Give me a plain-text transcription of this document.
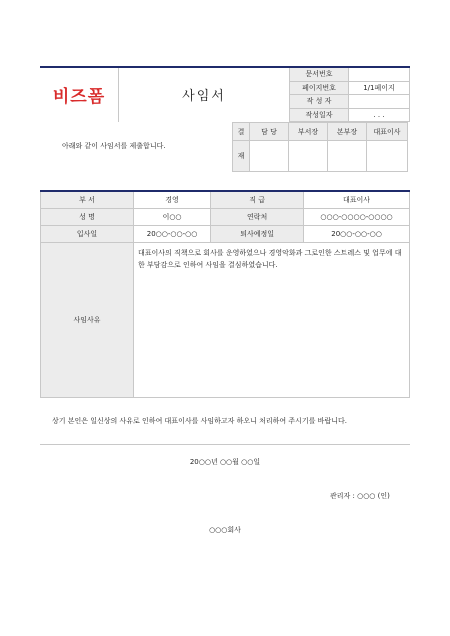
비즈폼	사임서	문서번호	
		페이지번호	1/1페이지
		작 성 자	
		작성일자	. . .
아래와 같이 사임서를 제출합니다.
결	담 당	부서장	본부장	대표이사
재				
부 서	경영	직 급	대표이사
성 명	이○○	연락처	○○○-○○○○-○○○○
입사일	20○○-○○-○○	퇴사예정일	20○○-○○-○○
사임사유	대표이사의 직책으로 회사를 운영하였으나 경영악화과 그로인한 스트레스 및 업무에 대한 부담감으로 인하여 사임을 결심하였습니다.		
상기 본인은 일신상의 사유로 인하여 대표이사를 사임하고자 하오니 처리하여 주시기를 바랍니다.
20○○년 ○○월 ○○일
관리자 : ○○○ (인)
○○○회사
